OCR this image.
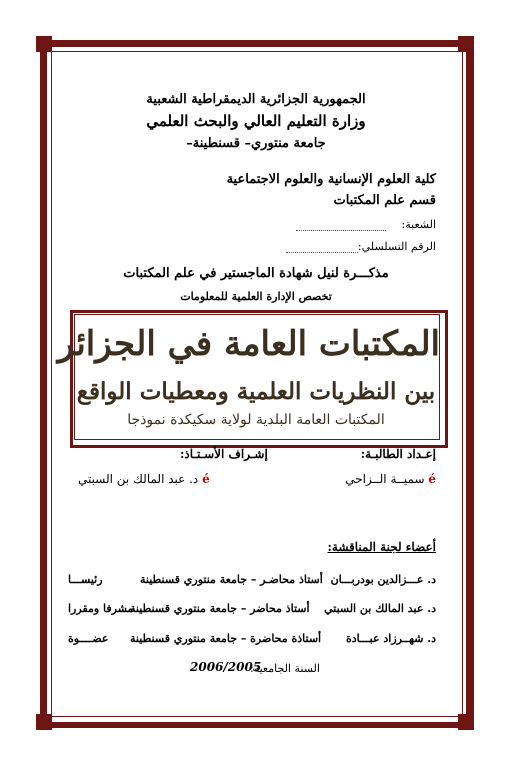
الجمهورية الجزائرية الديمقراطية الشعبية
وزارة التعليم العالي والبحث العلمي
جامعة منتوري– قسنطينة–
كلية العلوم الإنسانية والعلوم الاجتماعية
قسم علم المكتبات
الشعبة:
الرقم التسلسلي:
مذكـــرة لنيل شهادة الماجستير في علم المكتبات
تخصص الإدارة العلمية للمعلومات
المكتبات العامة في الجزائر
بين النظريات العلمية ومعطيات الواقع
المكتبات العامة البلدية لولاية سكيكدة نموذجا
إعـداد الطالبـة:
إشـراف الأسـتـاذ:
é سميــة الــزاحي
é د. عبد المالك بن السبتي
أعضاء لجنة المناقشة:
د. عـــزالدين بودربـــان
أستاذ محاضـر – جامعة منتوري قسنطينة
رئيســـا
د. عبد المالك بن السبتي
أستاذ محاضر – جامعة منتوري قسنطينة
مشرفا ومقررا
د. شهــرزاد عبـــادة
أستاذة محاضرة – جامعة منتوري قسنطينة
عضــــوة
2006/2005
السنة الجامعية:
